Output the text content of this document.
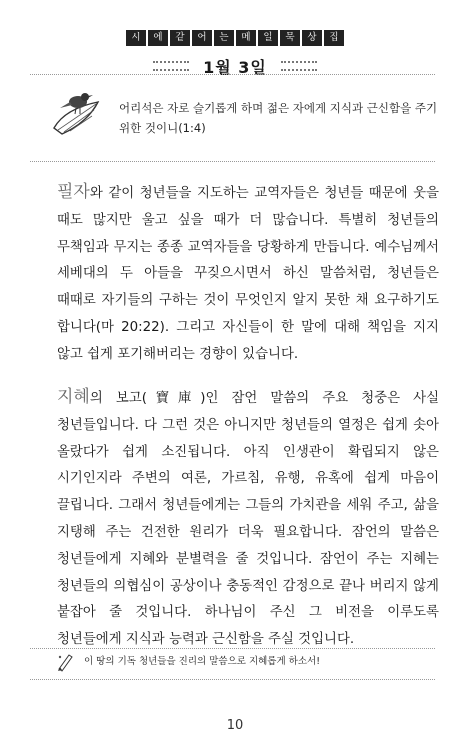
시	에	같	어	는	메	일	묵	상	집
1월 3일
어리석은 자로 슬기롭게 하며 젊은 자에게 지식과 근신함을 주기 위한 것이니(1:4)
필자와 같이 청년들을 지도하는 교역자들은 청년들 때문에 웃을 때도 많지만 울고 싶을 때가 더 많습니다. 특별히 청년들의 무책임과 무지는 종종 교역자들을 당황하게 만듭니다. 예수님께서 세베대의 두 아들을 꾸짖으시면서 하신 말씀처럼, 청년들은 때때로 자기들의 구하는 것이 무엇인지 알지 못한 채 요구하기도 합니다(마 20:22). 그리고 자신들이 한 말에 대해 책임을 지지 않고 쉽게 포기해버리는 경향이 있습니다.
지혜의 보고(寶庫)인 잠언 말씀의 주요 청중은 사실 청년들입니다. 다 그런 것은 아니지만 청년들의 열정은 쉽게 솟아 올랐다가 쉽게 소진됩니다. 아직 인생관이 확립되지 않은 시기인지라 주변의 여론, 가르침, 유행, 유혹에 쉽게 마음이 끌립니다. 그래서 청년들에게는 그들의 가치관을 세워 주고, 삶을 지탱해 주는 건전한 원리가 더욱 필요합니다. 잠언의 말씀은 청년들에게 지혜와 분별력을 줄 것입니다. 잠언이 주는 지혜는 청년들의 의협심이 공상이나 충동적인 감정으로 끝나 버리지 않게 붙잡아 줄 것입니다. 하나님이 주신 그 비전을 이루도록 청년들에게 지식과 능력과 근신함을 주실 것입니다.
이 땅의 기독 청년들을 진리의 말씀으로 지혜롭게 하소서!
10
